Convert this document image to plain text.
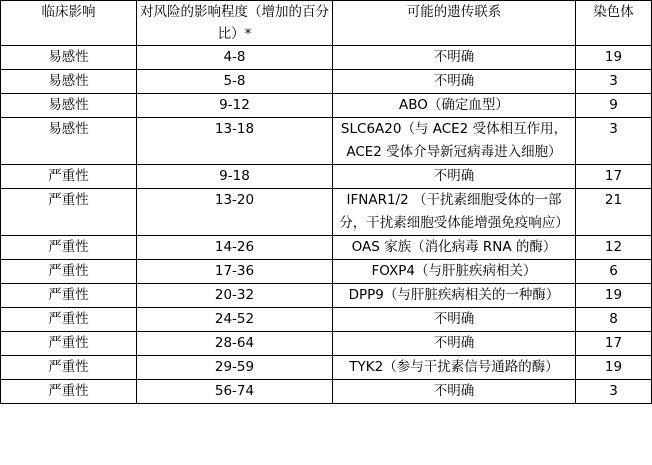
临床影响	对风险的影响程度（增加的百分比）*	可能的遗传联系	染色体
易感性	4-8	不明确	19
易感性	5-8	不明确	3
易感性	9-12	ABO（确定血型）	9
易感性	13-18	SLC6A20（与 ACE2 受体相互作用，ACE2 受体介导新冠病毒进入细胞）	3
严重性	9-18	不明确	17
严重性	13-20	IFNAR1/2 （干扰素细胞受体的一部分，干扰素细胞受体能增强免疫响应）	21
严重性	14-26	OAS 家族（消化病毒 RNA 的酶）	12
严重性	17-36	FOXP4（与肝脏疾病相关）	6
严重性	20-32	DPP9（与肝脏疾病相关的一种酶）	19
严重性	24-52	不明确	8
严重性	28-64	不明确	17
严重性	29-59	TYK2（参与干扰素信号通路的酶）	19
严重性	56-74	不明确	3
